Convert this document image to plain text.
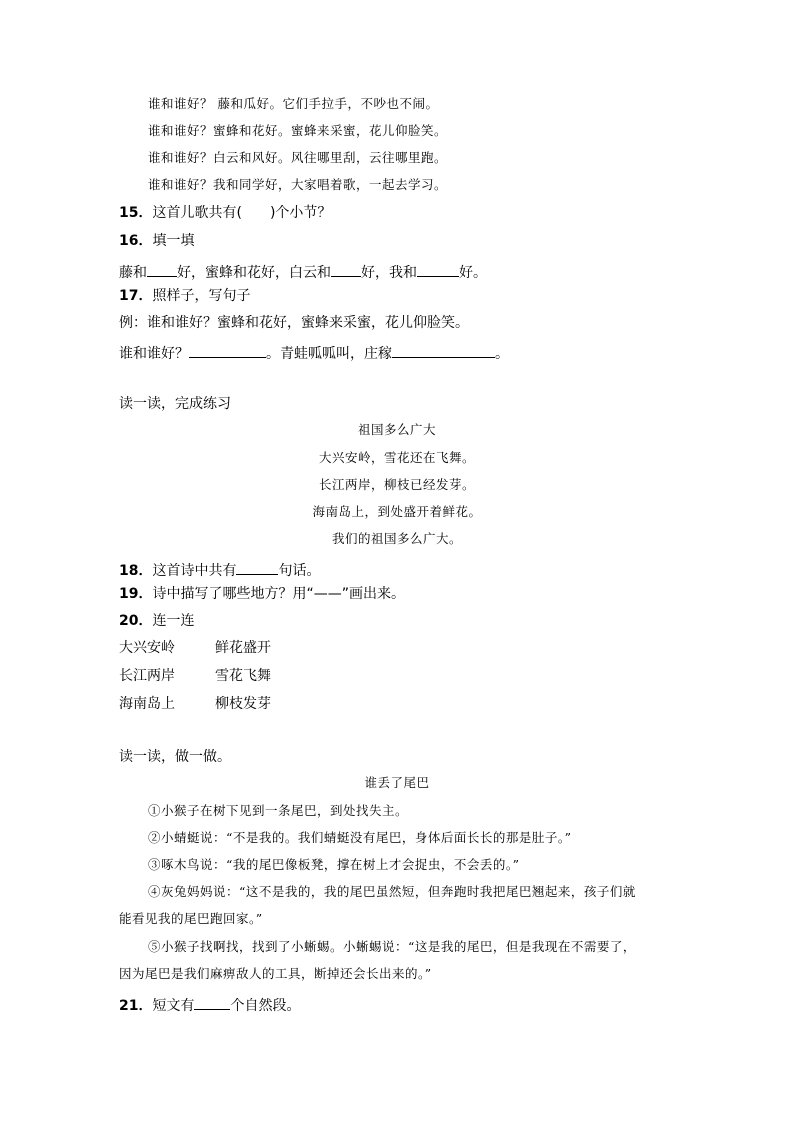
谁和谁好？ 藤和瓜好。它们手拉手，不吵也不闹。
谁和谁好？蜜蜂和花好。蜜蜂来采蜜，花儿仰脸笑。
谁和谁好？白云和风好。风往哪里刮，云往哪里跑。
谁和谁好？我和同学好，大家唱着歌，一起去学习。
15．这首儿歌共有( )个小节？
16．填一填
藤和 好，蜜蜂和花好，白云和 好，我和	好。
17．照样子，写句子
例：谁和谁好？蜜蜂和花好，蜜蜂来采蜜，花儿仰脸笑。
谁和谁好？	。青蛙呱呱叫，庄稼	。
读一读，完成练习
祖国多么广大
大兴安岭，雪花还在飞舞。
长江两岸，柳枝已经发芽。
海南岛上，到处盛开着鲜花。
我们的祖国多么广大。
18．这首诗中共有	句话。
19．诗中描写了哪些地方？用“——”画出来。
20．连一连
大兴安岭	鲜花盛开
长江两岸	雪花飞舞
海南岛上	柳枝发芽
读一读，做一做。
谁丢了尾巴
①小猴子在树下见到一条尾巴，到处找失主。
②小蜻蜓说：“不是我的。我们蜻蜓没有尾巴，身体后面长长的那是肚子。”
③啄木鸟说：“我的尾巴像板凳，撑在树上才会捉虫，不会丢的。”
④灰兔妈妈说：“这不是我的，我的尾巴虽然短，但奔跑时我把尾巴翘起来，孩子们就
能看见我的尾巴跑回家。”
⑤小猴子找啊找，找到了小蜥蜴。小蜥蜴说：“这是我的尾巴，但是我现在不需要了，
因为尾巴是我们麻痹敌人的工具，断掉还会长出来的。”
21．短文有	个自然段。
